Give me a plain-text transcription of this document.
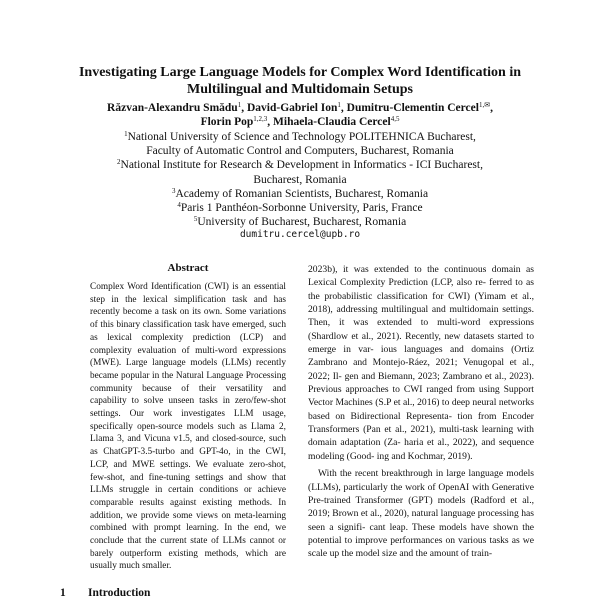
Investigating Large Language Models for Complex Word Identification in Multilingual and Multidomain Setups
Răzvan-Alexandru Smădu$^1$, David-Gabriel Ion$^1$, Dumitru-Clementin Cercel$^{1,✉}$,
Florin Pop$^{1,2,3}$, Mihaela-Claudia Cercel$^{4,5}$
$^1$National University of Science and Technology POLITEHNICA Bucharest,
Faculty of Automatic Control and Computers, Bucharest, Romania
$^2$National Institute for Research & Development in Informatics - ICI Bucharest,
Bucharest, Romania
$^3$Academy of Romanian Scientists, Bucharest, Romania
$^4$Paris 1 Panthéon-Sorbonne University, Paris, France
$^5$University of Bucharest, Bucharest, Romania
dumitru.cercel@upb.ro
Abstract
Complex Word Identification (CWI) is an essential step in the lexical simplification task and has recently become a task on its own. Some variations of this binary classification task have emerged, such as lexical complexity prediction (LCP) and complexity evaluation of multi-word expressions (MWE). Large language models (LLMs) recently became popular in the Natural Language Processing community because of their versatility and capability to solve unseen tasks in zero/few-shot settings. Our work investigates LLM usage, specifically open-source models such as Llama 2, Llama 3, and Vicuna v1.5, and closed-source, such as ChatGPT-3.5-turbo and GPT-4o, in the CWI, LCP, and MWE settings. We evaluate zero-shot, few-shot, and fine-tuning settings and show that LLMs struggle in certain conditions or achieve comparable results against existing methods. In addition, we provide some views on meta-learning combined with prompt learning. In the end, we conclude that the current state of LLMs cannot or barely outperform existing methods, which are usually much smaller.
1 Introduction

2023b), it was extended to the continuous domain as Lexical Complexity Prediction (LCP, also re- ferred to as the probabilistic classification for CWI) (Yimam et al., 2018), addressing multilingual and multidomain settings. Then, it was extended to multi-word expressions (Shardlow et al., 2021). Recently, new datasets started to emerge in var- ious languages and domains (Ortiz Zambrano and Montejo-Ráez, 2021; Venugopal et al., 2022; Il- gen and Biemann, 2023; Zambrano et al., 2023). Previous approaches to CWI ranged from using Support Vector Machines (S.P et al., 2016) to deep neural networks based on Bidirectional Representa- tion from Encoder Transformers (Pan et al., 2021), multi-task learning with domain adaptation (Za- haria et al., 2022), and sequence modeling (Good- ing and Kochmar, 2019).

With the recent breakthrough in large language models (LLMs), particularly the work of OpenAI with Generative Pre-trained Transformer (GPT) models (Radford et al., 2019; Brown et al., 2020), natural language processing has seen a signifi- cant leap. These models have shown the potential to improve performances on various tasks as we scale up the model size and the amount of train-
